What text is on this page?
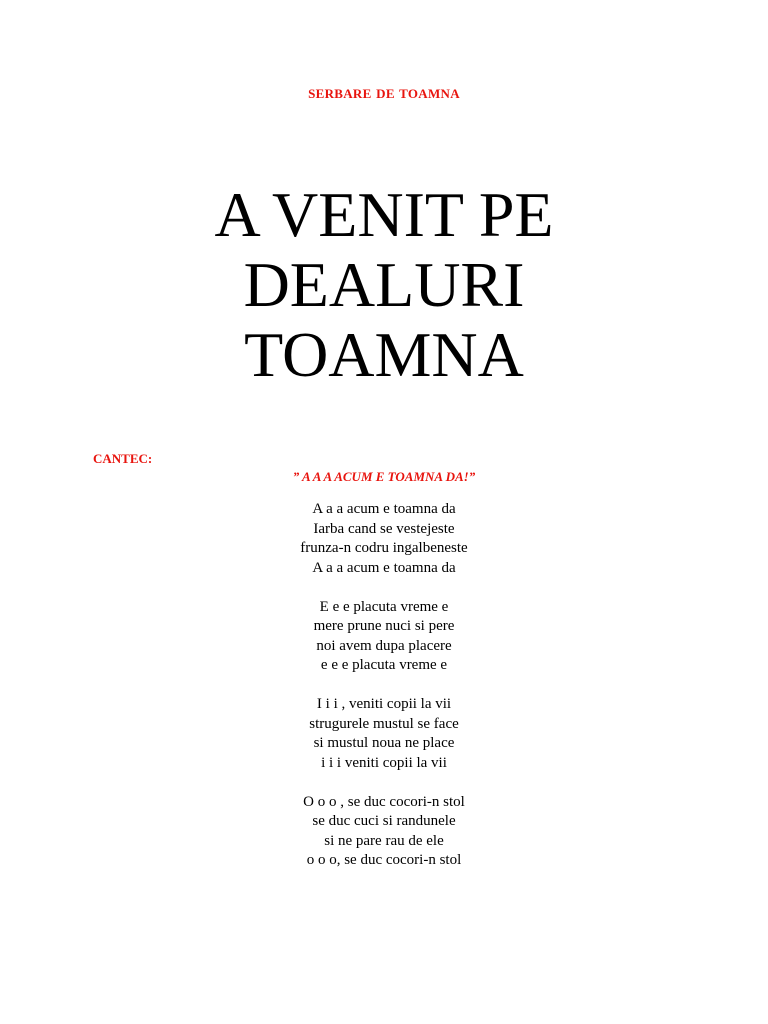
SERBARE DE TOAMNA
A VENIT PE
DEALURI
TOAMNA
CANTEC:
” A A A ACUM E TOAMNA DA!”
A a a acum e toamna da
Iarba cand se vestejeste
frunza-n codru ingalbeneste
A a a acum e toamna da
E e e placuta vreme e
mere prune nuci si pere
noi avem dupa placere
e e e placuta vreme e
I i i , veniti copii la vii
strugurele mustul se face
si mustul noua ne place
i i i veniti copii la vii
O o o , se duc cocori-n stol
se duc cuci si randunele
si ne pare rau de ele
o o o, se duc cocori-n stol
